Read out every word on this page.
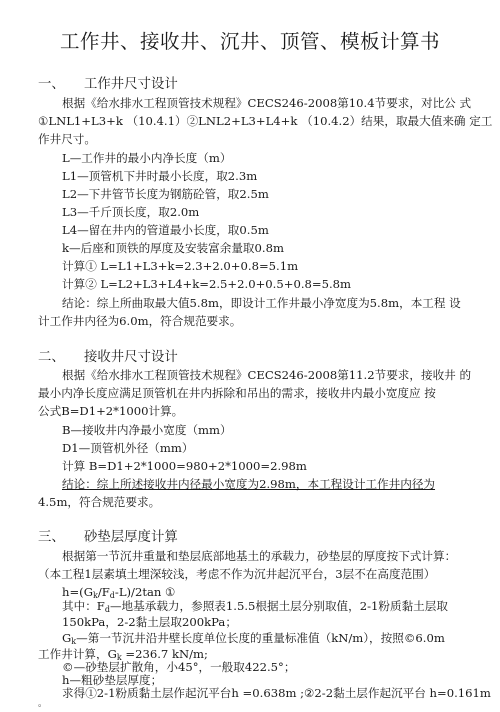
工作井、接收井、沉井、顶管、模板计算书
一、 工作井尺寸设计
根据《给水排水工程顶管技术规程》CECS246-2008第10.4节要求，对比公 式
①LNL1+L3+k （10.4.1）②LNL2+L3+L4+k （10.4.2）结果，取最大值来确 定工
作井尺寸。
L—工作井的最小内净长度（m）
L1—顶管机下井时最小长度，取2.3m
L2—下井管节长度为钢筋砼管，取2.5m
L3—千斤顶长度，取2.0m
L4—留在井内的管道最小长度，取0.5m
k—后座和顶铁的厚度及安装富余量取0.8m
计算① L=L1+L3+k=2.3+2.0+0.8=5.1m
计算② L=L2+L3+L4+k=2.5+2.0+0.5+0.8=5.8m
结论：综上所曲取最大值5.8m，即设计工作井最小净宽度为5.8m，本工程 设
计工作井内径为6.0m，符合规范要求。
二、 接收井尺寸设计
根据《给水排水工程顶管技术规程》CECS246-2008第11.2节要求，接收井 的
最小内净长度应满足顶管机在井内拆除和吊出的需求，接收井内最小宽度应 按
公式B=D1+2*1000计算。
B—接收井内净最小宽度（mm）
D1—顶管机外径（mm）
计算 B=D1+2*1000=980+2*1000=2.98m
结论：综上所述接收井内径最小宽度为2.98m，本工程设计工作井内径为
4.5m，符合规范要求。
三、 砂垫层厚度计算
根据第一节沉井重量和垫层底部地基土的承载力，砂垫层的厚度按下式计算：
（本工程1层素填土埋深较浅，考虑不作为沉井起沉平台，3层不在高度范围）
$h=(G_k/F_d-L)/2\tan$ ①
其中：$F_d—$地基承载力，参照表1.5.5根据土层分别取值，2-1粉质黏土层取
150kPa，2-2黏土层取200kPa；
$G_k—$第一节沉井沿井壁长度单位长度的重量标准值（kN/m），按照©6.0m
工作井计算，$G_k =236.7$ kN/m;
©—砂垫层扩散角，小45°，一般取422.5°；
h—粗砂垫层厚度；
。
求得①2-1粉质黏土层作起沉平台h =0.638m ;②2-2黏土层作起沉平台 h=0.161m
